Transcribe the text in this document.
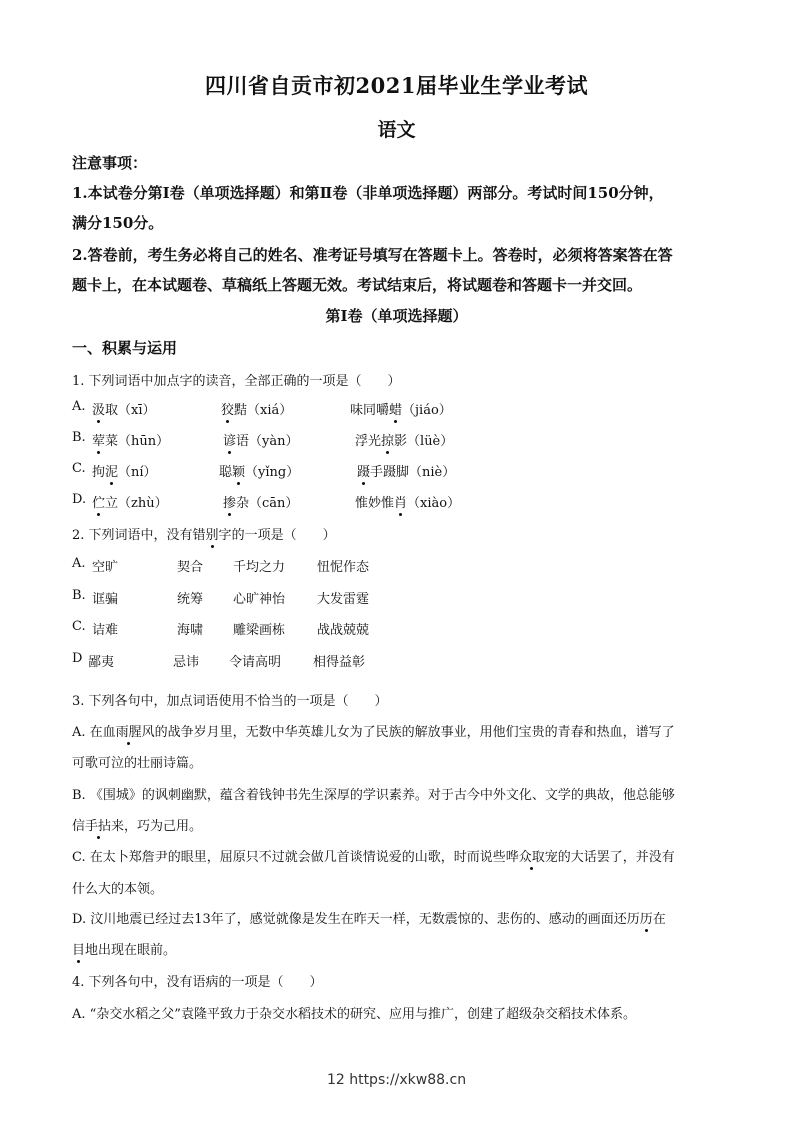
四川省自贡市初2021届毕业生学业考试
语文
注意事项：
1.本试卷分第Ⅰ卷（单项选择题）和第Ⅱ卷（非单项选择题）两部分。考试时间150分钟，
满分150分。
2.答卷前，考生务必将自己的姓名、准考证号填写在答题卡上。答卷时，必须将答案答在答
题卡上，在本试题卷、草稿纸上答题无效。考试结束后，将试题卷和答题卡一并交回。
第Ⅰ卷（单项选择题）
一、积累与运用
1. 下列词语中加点字的读音，全部正确的一项是（　　）
A. 汲取（xī）	狡黠（xiá）	味同嚼蜡（jiáo）
B. 荤菜（hūn）	谚语（yàn）	浮光掠影（lüè）
C. 拘泥（ní）	聪颖（yǐng）	蹑手蹑脚（niè）
D. 伫立（zhù）	掺杂（cān）	惟妙惟肖（xiào）
2. 下列词语中，没有错别字的一项是（　　）
A. 空旷	契合 千均之力 忸怩作态
B. 诓骗	统筹 心旷神怡 大发雷霆
C. 诘难	海啸 雕梁画栋 战战兢兢
D 鄙夷	忌讳 令请高明 相得益彰
3. 下列各句中，加点词语使用不恰当的一项是（　　）
A. 在血雨腥风的战争岁月里，无数中华英雄儿女为了民族的解放事业，用他们宝贵的青春和热血，谱写了
可歌可泣的壮丽诗篇。
B. 《围城》的讽刺幽默，蕴含着钱钟书先生深厚的学识素养。对于古今中外文化、文学的典故，他总能够
信手拈来，巧为己用。
C. 在太卜郑詹尹的眼里，屈原只不过就会做几首谈情说爱的山歌，时而说些哗众取宠的大话罢了，并没有
什么大的本领。
D. 汶川地震已经过去13年了，感觉就像是发生在昨天一样，无数震惊的、悲伤的、感动的画面还历历在
目地出现在眼前。
4. 下列各句中，没有语病的一项是（　　）
A. “杂交水稻之父”袁隆平致力于杂交水稻技术的研究、应用与推广，创建了超级杂交稻技术体系。
12 https://xkw88.cn
